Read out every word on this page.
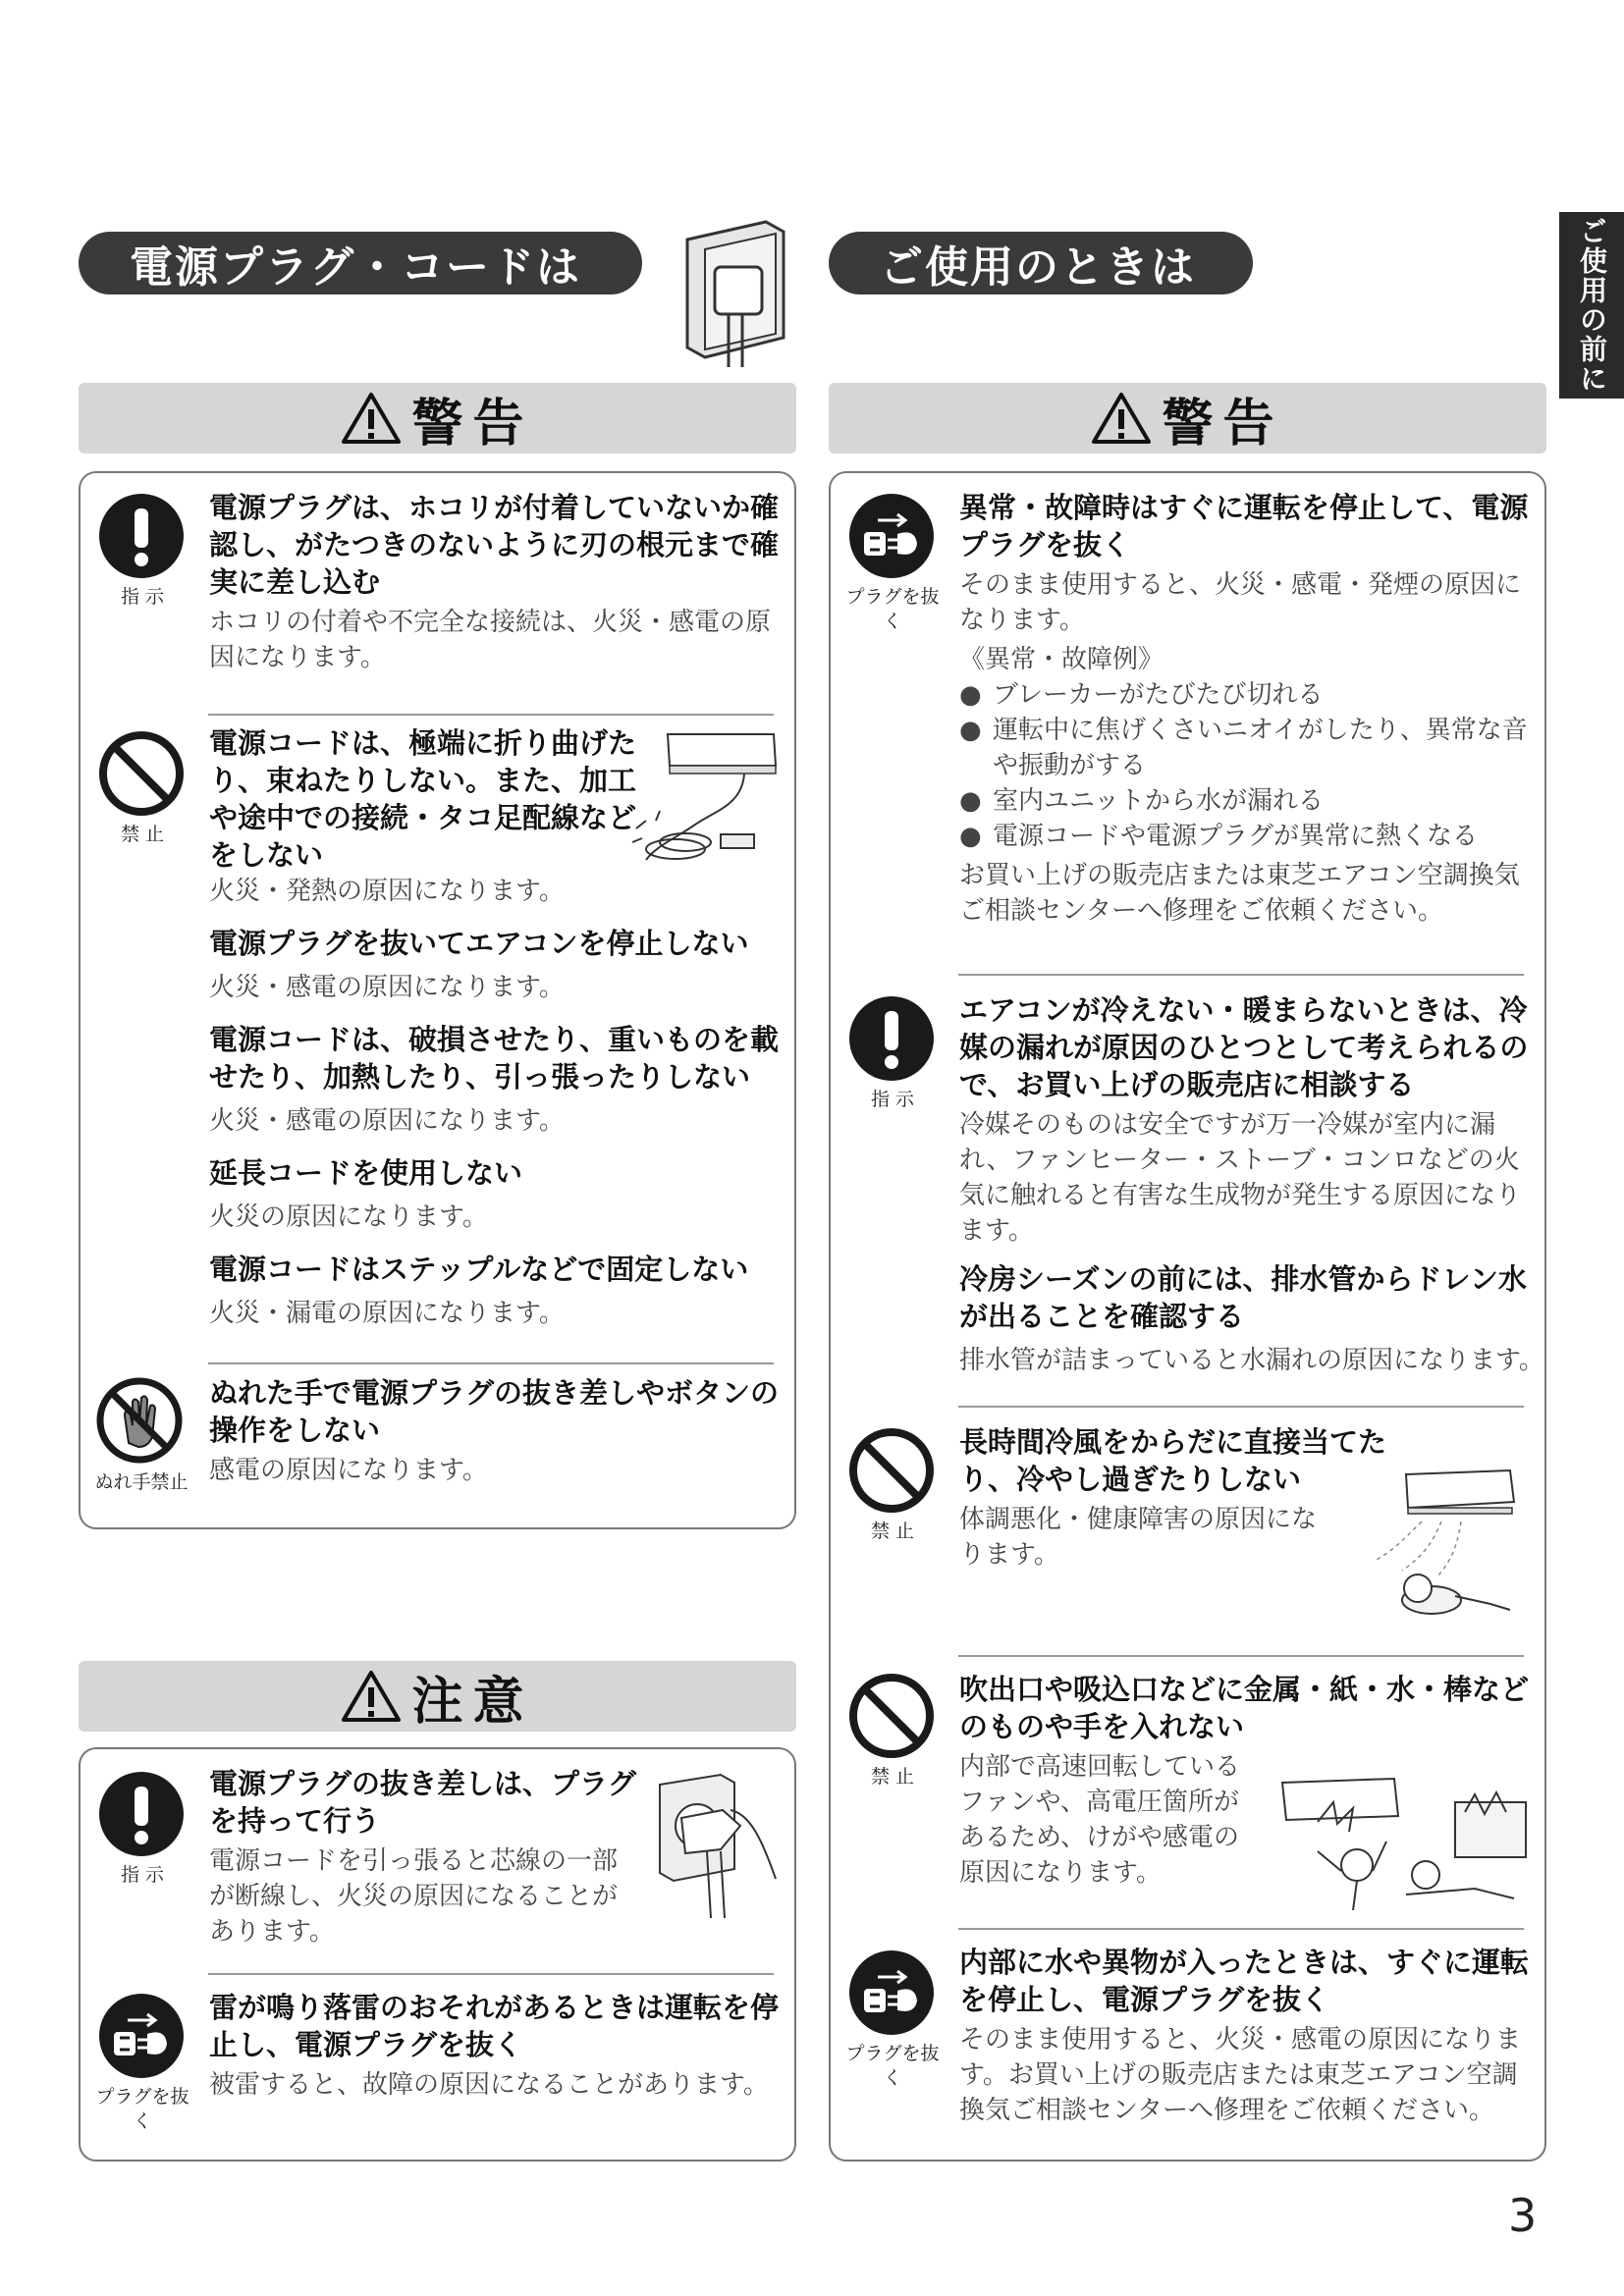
ご使用の前に
電源プラグ・コードは
警告
指 示
電源プラグは、ホコリが付着していないか確認し、がたつきのないように刃の根元まで確実に差し込む
ホコリの付着や不完全な接続は、火災・感電の原因になります。
禁 止
電源コードは、極端に折り曲げたり、束ねたりしない。また、加工や途中での接続・タコ足配線などをしない
火災・発熱の原因になります。
電源プラグを抜いてエアコンを停止しない
火災・感電の原因になります。
電源コードは、破損させたり、重いものを載せたり、加熱したり、引っ張ったりしない
火災・感電の原因になります。
延長コードを使用しない
火災の原因になります。
電源コードはステップルなどで固定しない
火災・漏電の原因になります。
ぬれ手禁止
ぬれた手で電源プラグの抜き差しやボタンの操作をしない
感電の原因になります。
注意
指 示
電源プラグの抜き差しは、プラグを持って行う
電源コードを引っ張ると芯線の一部が断線し、火災の原因になることがあります。
プラグを抜く
雷が鳴り落雷のおそれがあるときは運転を停止し、電源プラグを抜く
被雷すると、故障の原因になることがあります。
ご使用のときは
警告
プラグを抜く
異常・故障時はすぐに運転を停止して、電源プラグを抜く
そのまま使用すると、火災・感電・発煙の原因になります。
《異常・故障例》
● ブレーカーがたびたび切れる
● 運転中に焦げくさいニオイがしたり、異常な音や振動がする
● 室内ユニットから水が漏れる
● 電源コードや電源プラグが異常に熱くなる
お買い上げの販売店または東芝エアコン空調換気ご相談センターへ修理をご依頼ください。
指 示
エアコンが冷えない・暖まらないときは、冷媒の漏れが原因のひとつとして考えられるので、お買い上げの販売店に相談する
冷媒そのものは安全ですが万一冷媒が室内に漏れ、ファンヒーター・ストーブ・コンロなどの火気に触れると有害な生成物が発生する原因になります。
冷房シーズンの前には、排水管からドレン水が出ることを確認する
排水管が詰まっていると水漏れの原因になります。
禁 止
長時間冷風をからだに直接当てたり、冷やし過ぎたりしない
体調悪化・健康障害の原因になります。
禁 止
吹出口や吸込口などに金属・紙・水・棒などのものや手を入れない
内部で高速回転しているファンや、高電圧箇所があるため、けがや感電の原因になります。
プラグを抜く
内部に水や異物が入ったときは、すぐに運転を停止し、電源プラグを抜く
そのまま使用すると、火災・感電の原因になります。お買い上げの販売店または東芝エアコン空調換気ご相談センターへ修理をご依頼ください。
3
